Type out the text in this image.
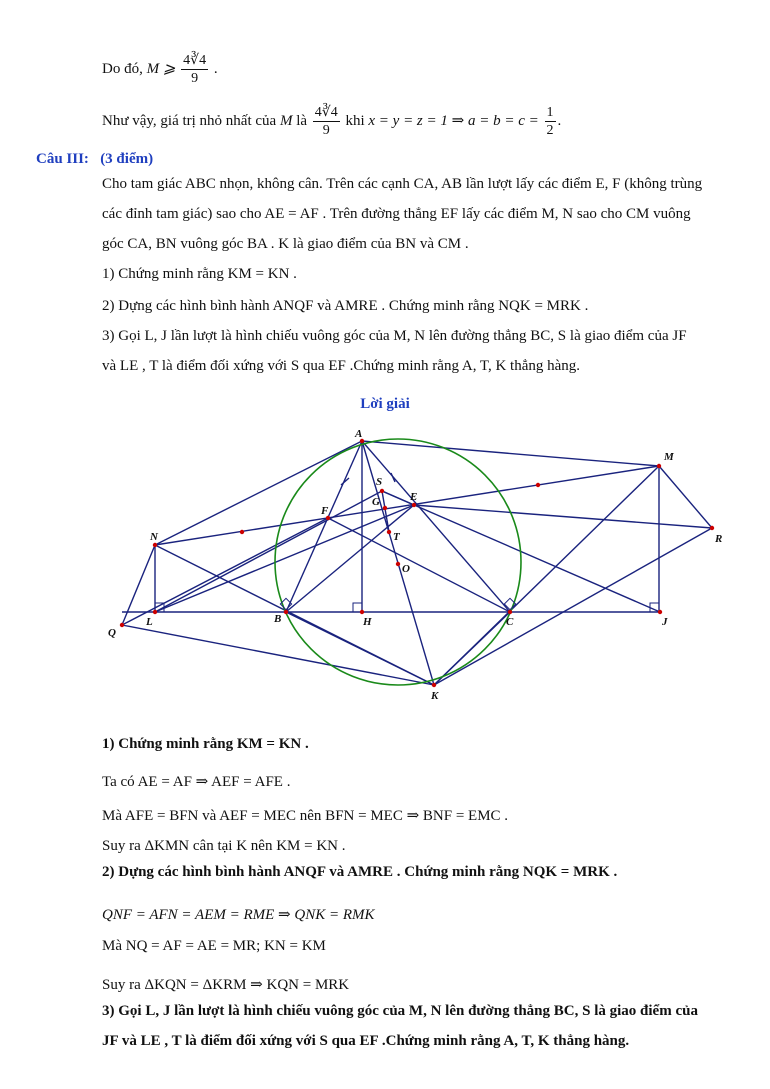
Do đó, M ⩾ $\frac{4∛4}{9}$ .
Như vậy, giá trị nhỏ nhất của M là $\frac{4∛4}{9}$ khi x = y = z = 1 ⇒ $a = b = c = \frac{1}{2}$ .
Câu III: (3 điểm)
Cho tam giác ABC nhọn, không cân. Trên các cạnh CA, AB lần lượt lấy các điểm E, F (không trùng
các đỉnh tam giác) sao cho AE = AF . Trên đường thẳng EF lấy các điểm M, N sao cho CM vuông
góc CA, BN vuông góc BA . K là giao điểm của BN và CM .
1) Chứng minh rằng KM = KN .
2) Dựng các hình bình hành ANQF và AMRE . Chứng minh rằng NQK = MRK .
3) Gọi L, J lần lượt là hình chiếu vuông góc của M, N lên đường thẳng BC, S là giao điểm của JF
và LE , T là điểm đối xứng với S qua EF .Chứng minh rằng A, T, K thẳng hàng.
Lời giải
A
N
M
F
E
R
Q
K
S
G
T
O
B	C
H
L	J
1) Chứng minh rằng KM = KN .
Ta có AE = AF ⇒ AEF = AFE .
Mà AFE = BFN và AEF = MEC nên BFN = MEC ⇒ BNF = EMC .
Suy ra ΔKMN cân tại K nên KM = KN .
2) Dựng các hình bình hành ANQF và AMRE . Chứng minh rằng NQK = MRK .
QNF = AFN = AEM = RME ⇒ QNK = RMK
Mà NQ = AF = AE = MR; KN = KM
Suy ra ΔKQN = ΔKRM ⇒ KQN = MRK
3) Gọi L, J lần lượt là hình chiếu vuông góc của M, N lên đường thẳng BC, S là giao điểm của
JF và LE , T là điểm đối xứng với S qua EF .Chứng minh rằng A, T, K thẳng hàng.
